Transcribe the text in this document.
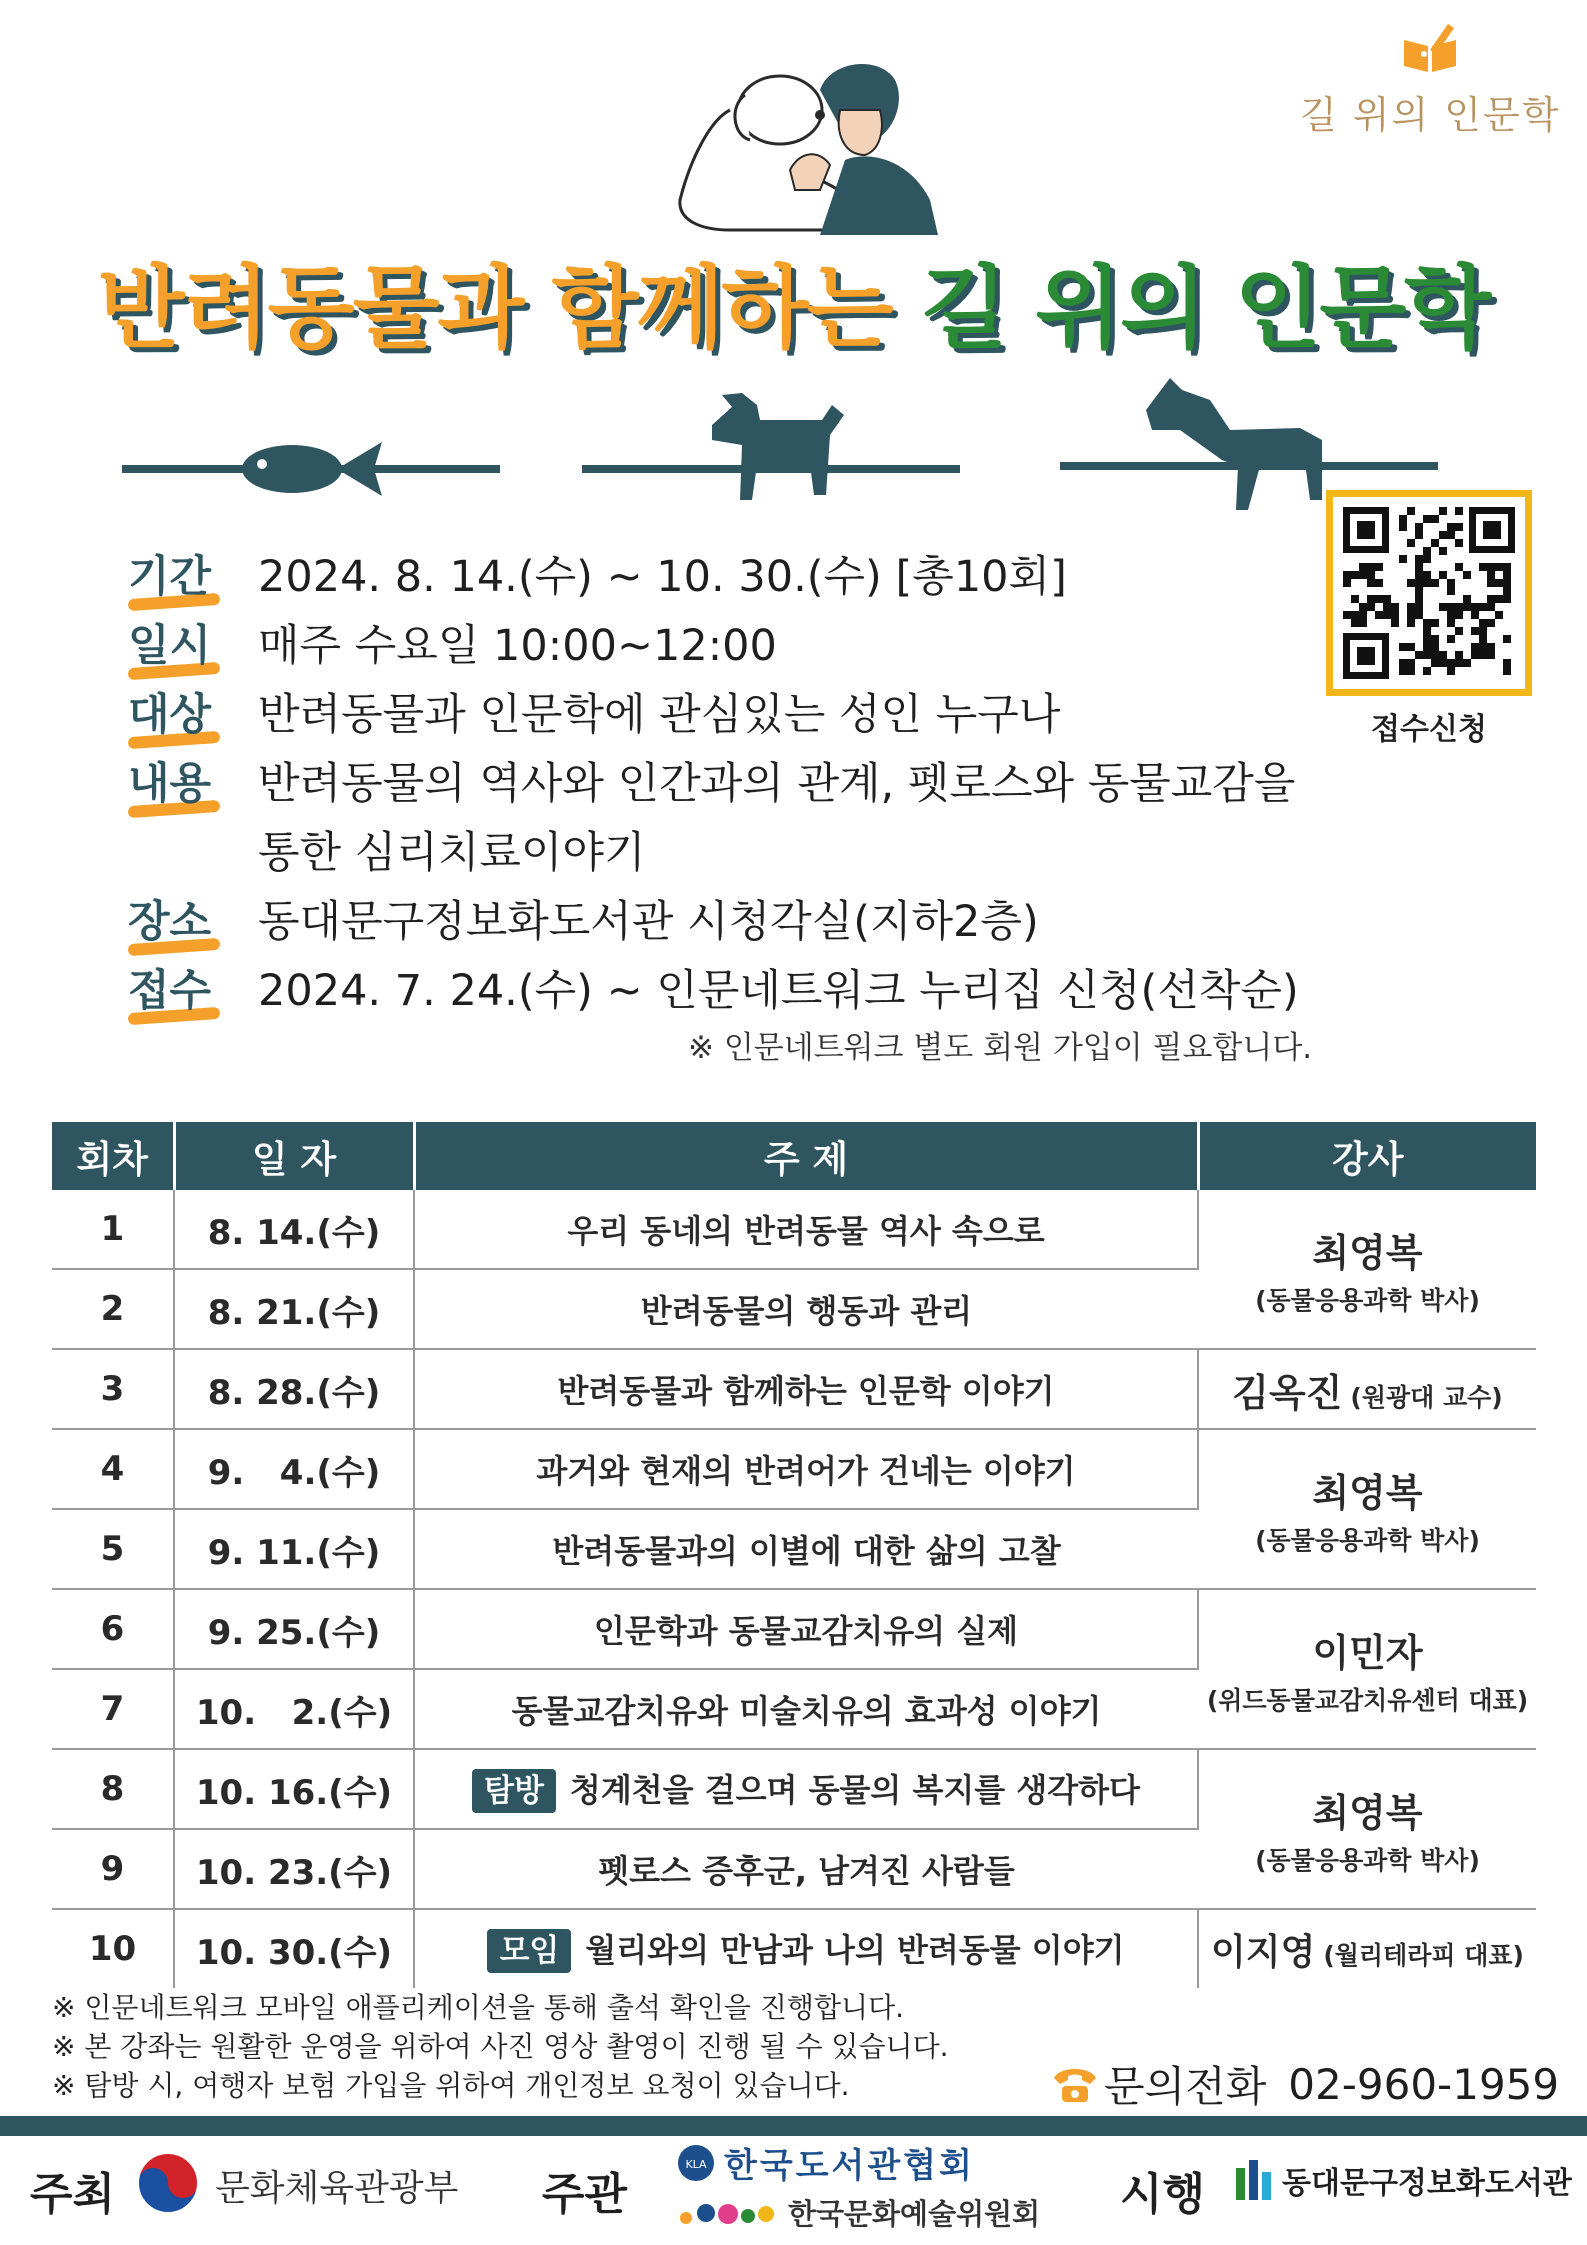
길 위의 인문학
반려동물과 함께하는 길 위의 인문학
기간	2024. 8. 14.(수) ~ 10. 30.(수) [총10회]
일시	매주 수요일 10:00~12:00
대상	반려동물과 인문학에 관심있는 성인 누구나
내용	반려동물의 역사와 인간과의 관계, 펫로스와 동물교감을
통한 심리치료이야기
장소	동대문구정보화도서관 시청각실(지하2층)
접수	2024. 7. 24.(수) ~ 인문네트워크 누리집 신청(선착순)
※ 인문네트워크 별도 회원 가입이 필요합니다.
접수신청
회차	일 자	주 제	강사
1	8. 14.(수)	우리 동네의 반려동물 역사 속으로	최영복
(동물응용과학 박사)

2	8. 21.(수)	반려동물의 행동과 관리	
3	8. 28.(수)	반려동물과 함께하는 인문학 이야기	김옥진 (원광대 교수)
4	9.   4.(수)	과거와 현재의 반려어가 건네는 이야기	최영복
(동물응용과학 박사)

5	9. 11.(수)	반려동물과의 이별에 대한 삶의 고찰	
6	9. 25.(수)	인문학과 동물교감치유의 실제	이민자
(위드동물교감치유센터 대표)

7	10.   2.(수)	동물교감치유와 미술치유의 효과성 이야기	
8	10. 16.(수)	탐방 청계천을 걸으며 동물의 복지를 생각하다	최영복
(동물응용과학 박사)

9	10. 23.(수)	펫로스 증후군, 남겨진 사람들	
10	10. 30.(수)	모임 월리와의 만남과 나의 반려동물 이야기	이지영 (월리테라피 대표)
※ 인문네트워크 모바일 애플리케이션을 통해 출석 확인을 진행합니다.
※ 본 강좌는 원활한 운영을 위하여 사진 영상 촬영이 진행 될 수 있습니다.
※ 탐방 시, 여행자 보험 가입을 위하여 개인정보 요청이 있습니다.	문의전화 02-960-1959
주최	문화체육관광부 주관
KLA 한국도서관협회
한국문화예술위원회 시행	동대문구정보화도서관
